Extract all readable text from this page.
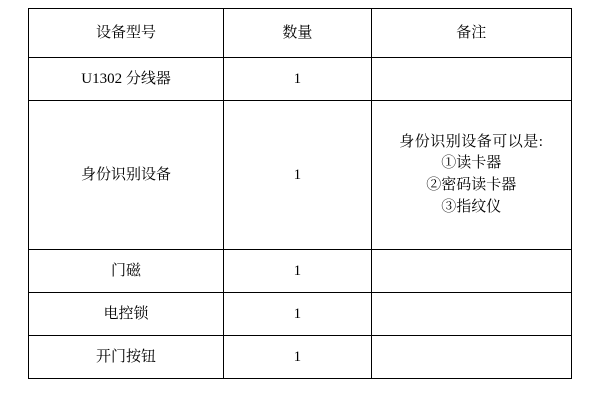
设备型号	数量	备注
U1302 分线器	1	
身份识别设备	1	身份识别设备可以是:
①读卡器
②密码读卡器
③指纹仪

门磁	1	
电控锁	1	
开门按钮	1	
